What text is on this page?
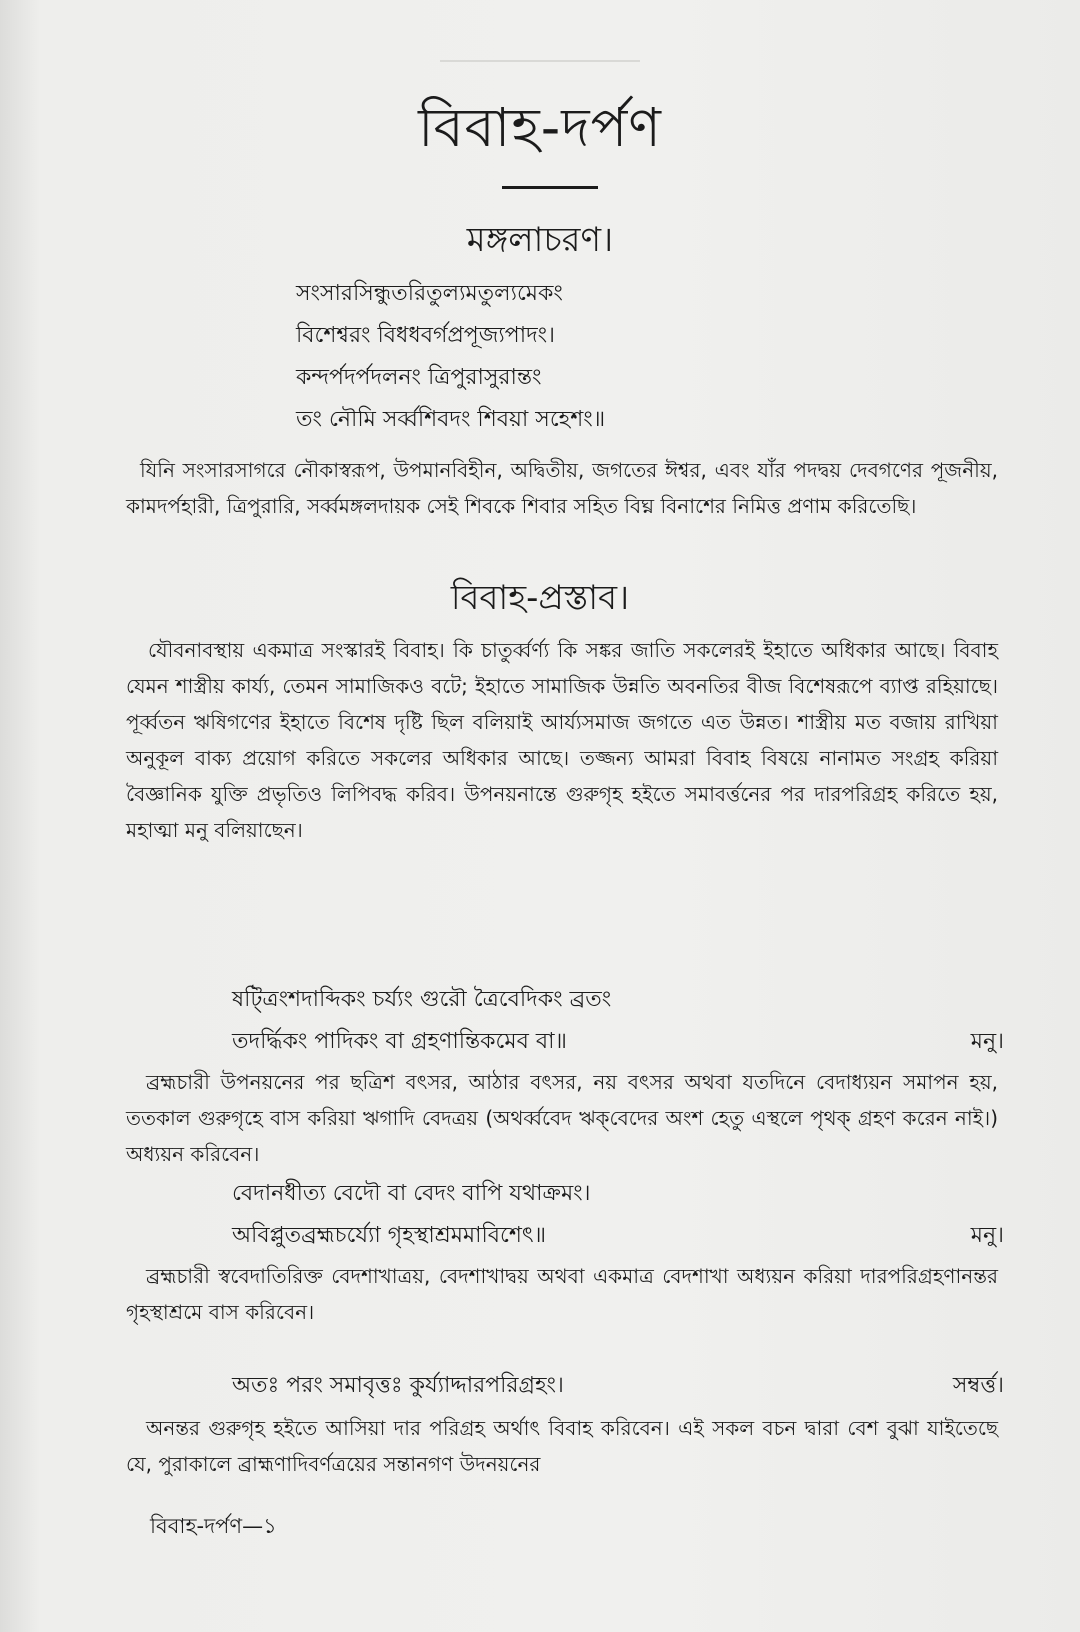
বিবাহ-দর্পণ
মঙ্গলাচরণ।
সংসারসিন্ধুতরিতুল্যমতুল্যমেকং
বিশেশ্বরং বিধধবর্গপ্রপূজ্যপাদং।
কন্দর্পদর্পদলনং ত্রিপুরাসুরান্তং
তং নৌমি সর্ব্বশিবদং শিবয়া সহেশং॥
যিনি সংসারসাগরে নৌকাস্বরূপ, উপমানবিহীন, অদ্বিতীয়, জগতের ঈশ্বর, এবং যাঁর পদদ্বয় দেবগণের পূজনীয়, কামদর্পহারী, ত্রিপুরারি, সর্ব্বমঙ্গলদায়ক সেই শিবকে শিবার সহিত বিঘ্ন বিনাশের নিমিত্ত প্রণাম করিতেছি।
বিবাহ-প্রস্তাব।
যৌবনাবস্থায় একমাত্র সংস্কারই বিবাহ। কি চাতুর্ব্বর্ণ্য কি সঙ্কর জাতি সকলেরই ইহাতে অধিকার আছে। বিবাহ যেমন শাস্ত্রীয় কার্য্য, তেমন সামাজিকও বটে; ইহাতে সামাজিক উন্নতি অবনতির বীজ বিশেষরূপে ব্যাপ্ত রহিয়াছে। পূর্ব্বতন ঋষিগণের ইহাতে বিশেষ দৃষ্টি ছিল বলিয়াই আর্য্যসমাজ জগতে এত উন্নত। শাস্ত্রীয় মত বজায় রাখিয়া অনুকূল বাক্য প্রয়োগ করিতে সকলের অধিকার আছে। তজ্জন্য আমরা বিবাহ বিষয়ে নানামত সংগ্রহ করিয়া বৈজ্ঞানিক যুক্তি প্রভৃতিও লিপিবদ্ধ করিব। উপনয়নান্তে গুরুগৃহ হইতে সমাবর্ত্তনের পর দারপরিগ্রহ করিতে হয়, মহাত্মা মনু বলিয়াছেন।
ষট্ত্রিংশদাব্দিকং চর্য্যং গুরৌ ত্রৈবেদিকং ব্রতং
তদর্দ্ধিকং পাদিকং বা গ্রহণান্তিকমেব বা॥	মনু।
ব্রহ্মচারী উপনয়নের পর ছত্রিশ বৎসর, আঠার বৎসর, নয় বৎসর অথবা যতদিনে বেদাধ্যয়ন সমাপন হয়, ততকাল গুরুগৃহে বাস করিয়া ঋগাদি বেদত্রয় (অথর্ব্ববেদ ঋক্‌বেদের অংশ হেতু এস্থলে পৃথক্ গ্রহণ করেন নাই।) অধ্যয়ন করিবেন।
বেদানধীত্য বেদৌ বা বেদং বাপি যথাক্রমং।
অবিপ্লুতব্রহ্মচর্য্যো গৃহস্থাশ্রমমাবিশেৎ॥	মনু।
ব্রহ্মচারী স্ববেদাতিরিক্ত বেদশাখাত্রয়, বেদশাখাদ্বয় অথবা একমাত্র বেদশাখা অধ্যয়ন করিয়া দারপরিগ্রহণানন্তর গৃহস্থাশ্রমে বাস করিবেন।
অতঃ পরং সমাবৃত্তঃ কুর্য্যাদ্দারপরিগ্রহং।	সম্বর্ত্ত।
অনন্তর গুরুগৃহ হইতে আসিয়া দার পরিগ্রহ অর্থাৎ বিবাহ করিবেন। এই সকল বচন দ্বারা বেশ বুঝা যাইতেছে যে, পুরাকালে ব্রাহ্মণাদিবর্ণত্রয়ের সন্তানগণ উদনয়নের
বিবাহ-দর্পণ—১
